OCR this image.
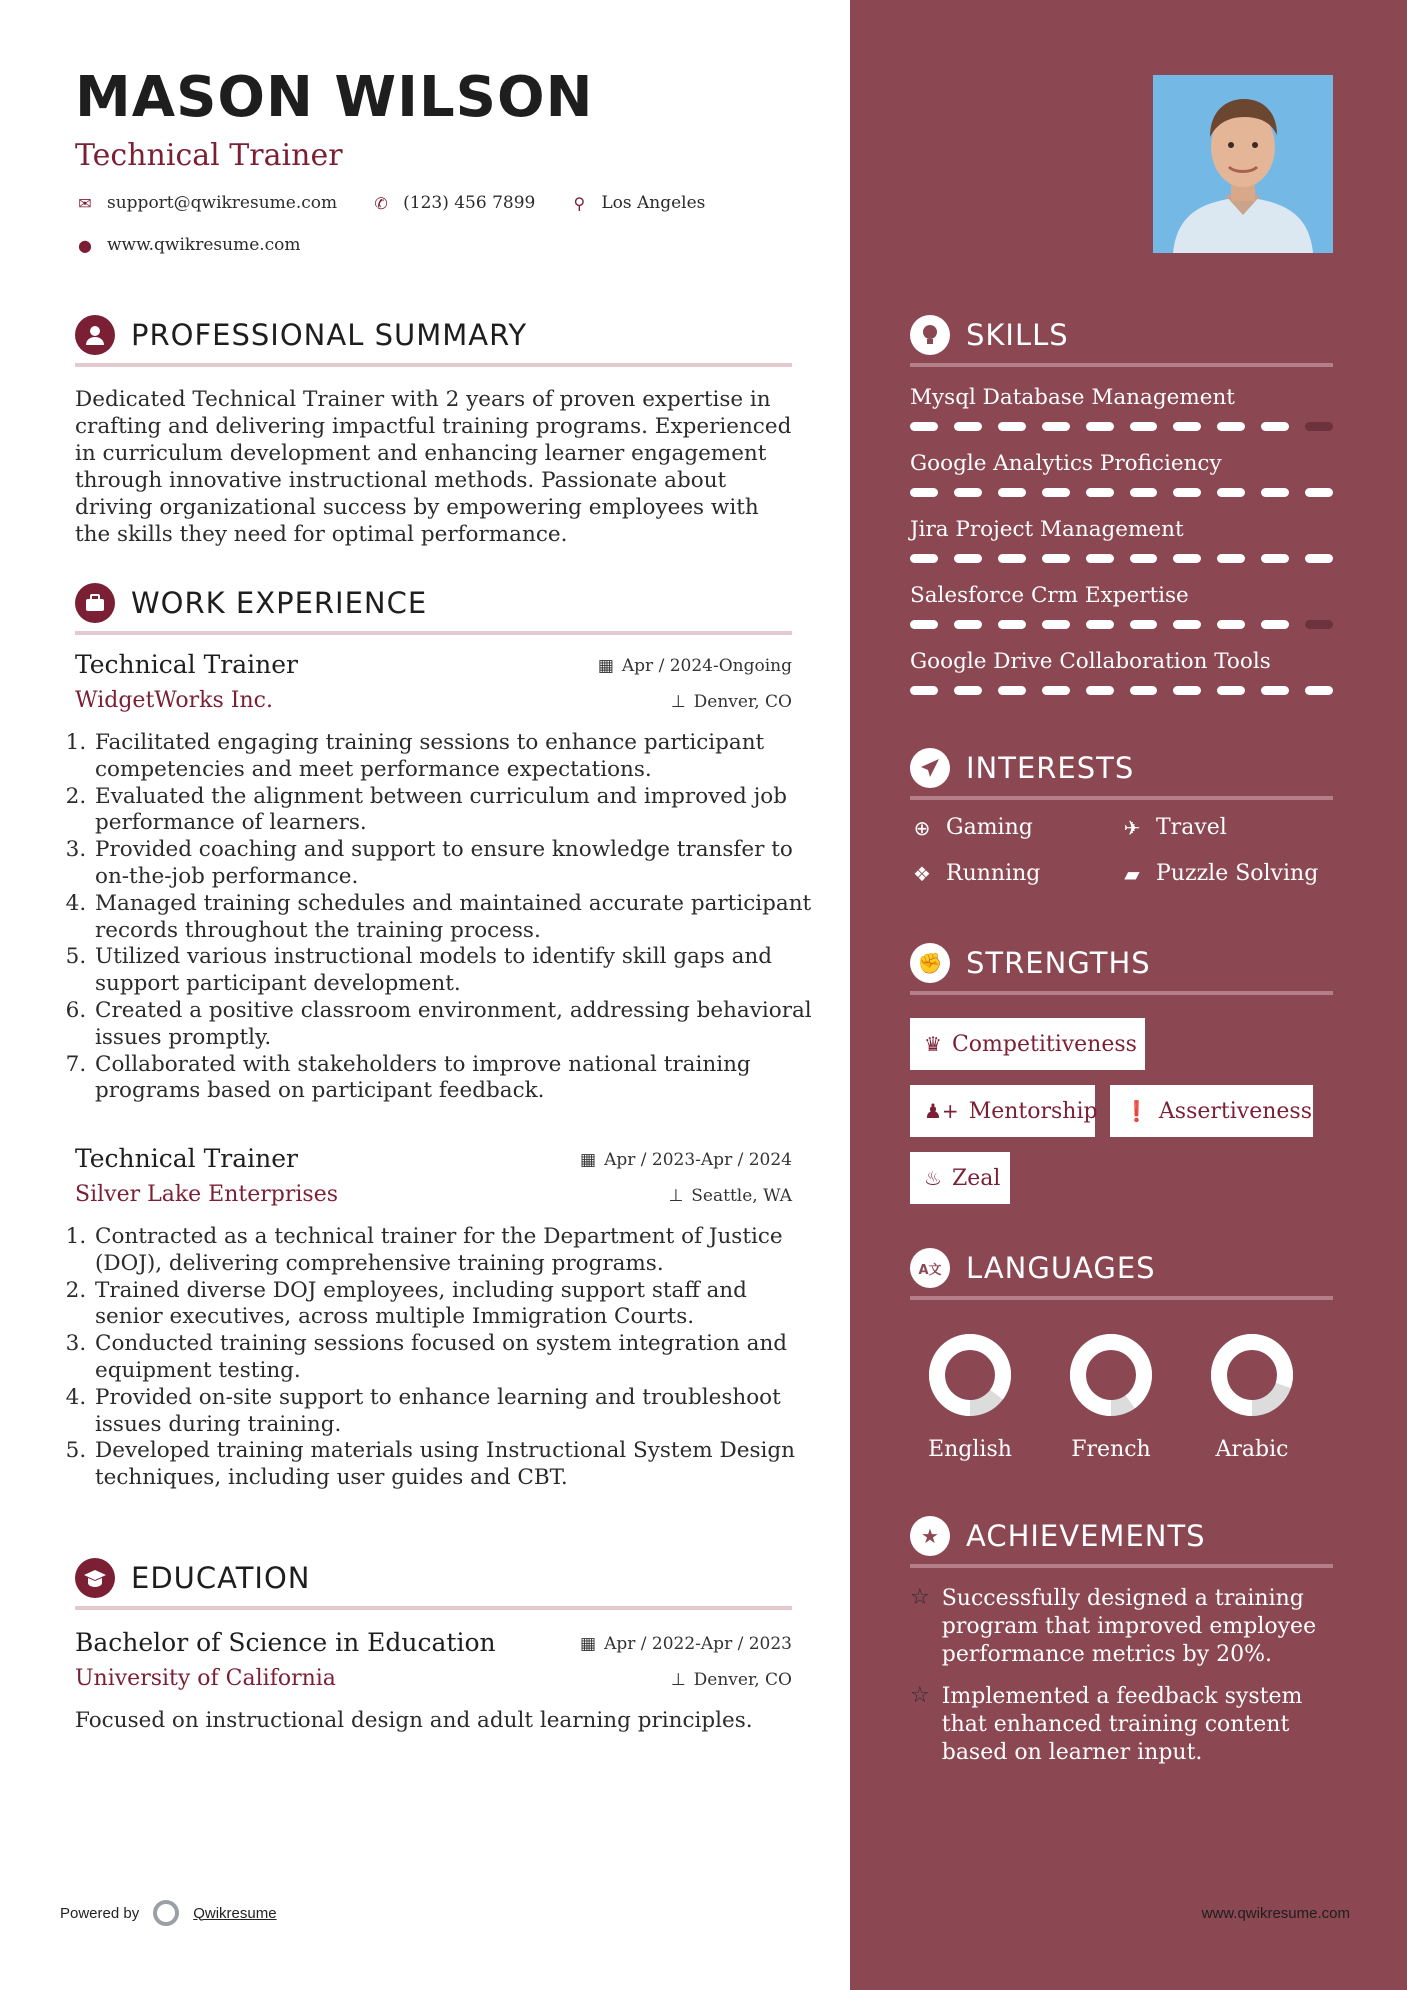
MASON WILSON
Technical Trainer
✉ support@qwikresume.com ✆ (123) 456 7899 ⚲ Los Angeles
● www.qwikresume.com
PROFESSIONAL SUMMARY

Dedicated Technical Trainer with 2 years of proven expertise in crafting and delivering impactful training programs. Experienced in curriculum development and enhancing learner engagement through innovative instructional methods. Passionate about driving organizational success by empowering employees with the skills they need for optimal performance.

WORK EXPERIENCE
Technical Trainer	▦ Apr / 2024-Ongoing
WidgetWorks Inc.	⊥ Denver, CO
1. Facilitated engaging training sessions to enhance participant competencies and meet performance expectations.
2. Evaluated the alignment between curriculum and improved job performance of learners.
3. Provided coaching and support to ensure knowledge transfer to on-the-job performance.
4. Managed training schedules and maintained accurate participant records throughout the training process.
5. Utilized various instructional models to identify skill gaps and support participant development.
6. Created a positive classroom environment, addressing behavioral issues promptly.
7. Collaborated with stakeholders to improve national training programs based on participant feedback.
Technical Trainer	▦ Apr / 2023-Apr / 2024
Silver Lake Enterprises	⊥ Seattle, WA
1. Contracted as a technical trainer for the Department of Justice (DOJ), delivering comprehensive training programs.
2. Trained diverse DOJ employees, including support staff and senior executives, across multiple Immigration Courts.
3. Conducted training sessions focused on system integration and equipment testing.
4. Provided on-site support to enhance learning and troubleshoot issues during training.
5. Developed training materials using Instructional System Design techniques, including user guides and CBT.
EDUCATION
Bachelor of Science in Education	▦ Apr / 2022-Apr / 2023
University of California	⊥ Denver, CO
Focused on instructional design and adult learning principles.
Powered by	Qwikresume
SKILLS
Mysql Database Management
Google Analytics Proficiency
Jira Project Management
Salesforce Crm Expertise
Google Drive Collaboration Tools
INTERESTS
⊕ Gaming	✈ Travel
❖ Running	▰ Puzzle Solving
✊ STRENGTHS
♛ Competitiveness
♟+ Mentorship ❗ Assertiveness
♨ Zeal
A文 LANGUAGES
English	French	Arabic
★ ACHIEVEMENTS
☆ Successfully designed a training program that improved employee performance metrics by 20%.
☆ Implemented a feedback system that enhanced training content based on learner input.
www.qwikresume.com
